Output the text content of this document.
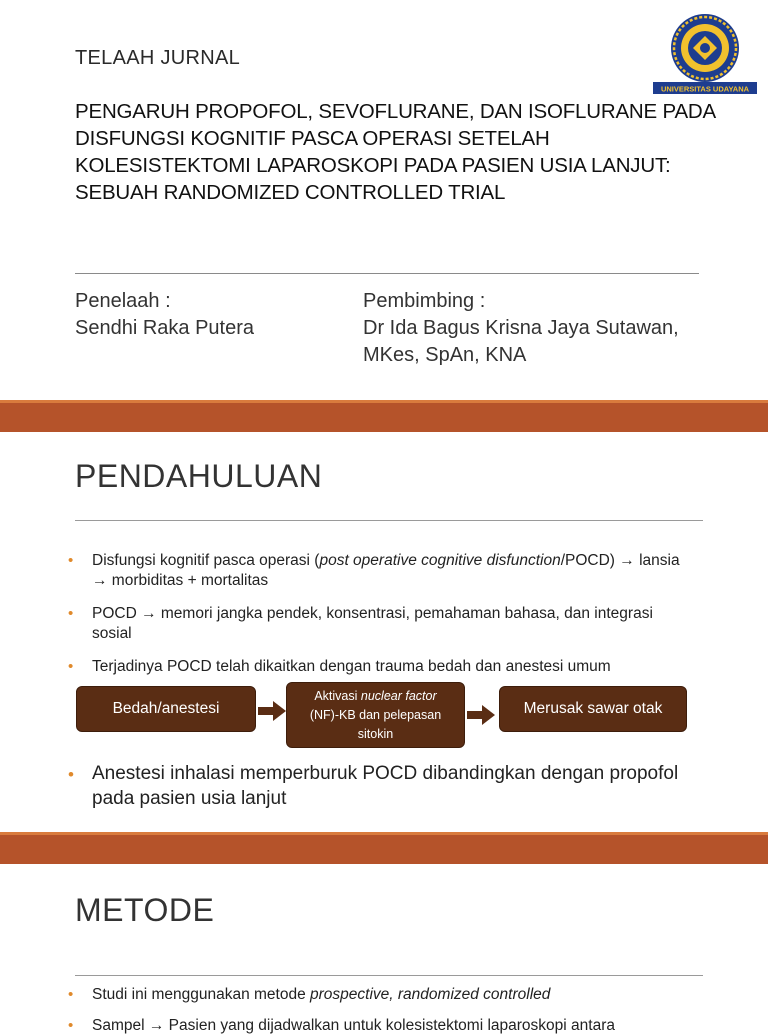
TELAAH JURNAL
UNIVERSITAS UDAYANA
PENGARUH PROPOFOL, SEVOFLURANE, DAN ISOFLURANE PADA
DISFUNGSI KOGNITIF PASCA OPERASI SETELAH
KOLESISTEKTOMI LAPAROSKOPI PADA PASIEN USIA LANJUT:
SEBUAH RANDOMIZED CONTROLLED TRIAL
Penelaah :
Sendhi Raka Putera
Pembimbing :
Dr Ida Bagus Krisna Jaya Sutawan,
MKes, SpAn, KNA
PENDAHULUAN
• Disfungsi kognitif pasca operasi (post operative cognitive disfunction/POCD) → lansia
→ morbiditas + mortalitas
• POCD → memori jangka pendek, konsentrasi, pemahaman bahasa, dan integrasi
sosial
• Terjadinya POCD telah dikaitkan dengan trauma bedah dan anestesi umum
Bedah/anestesi
Aktivasi nuclear factor
(NF)-KB dan pelepasan
sitokin
Merusak sawar otak
• Anestesi inhalasi memperburuk POCD dibandingkan dengan propofol
pada pasien usia lanjut
METODE
• Studi ini menggunakan metode prospective, randomized controlled
• Sampel → Pasien yang dijadwalkan untuk kolesistektomi laparoskopi antara
